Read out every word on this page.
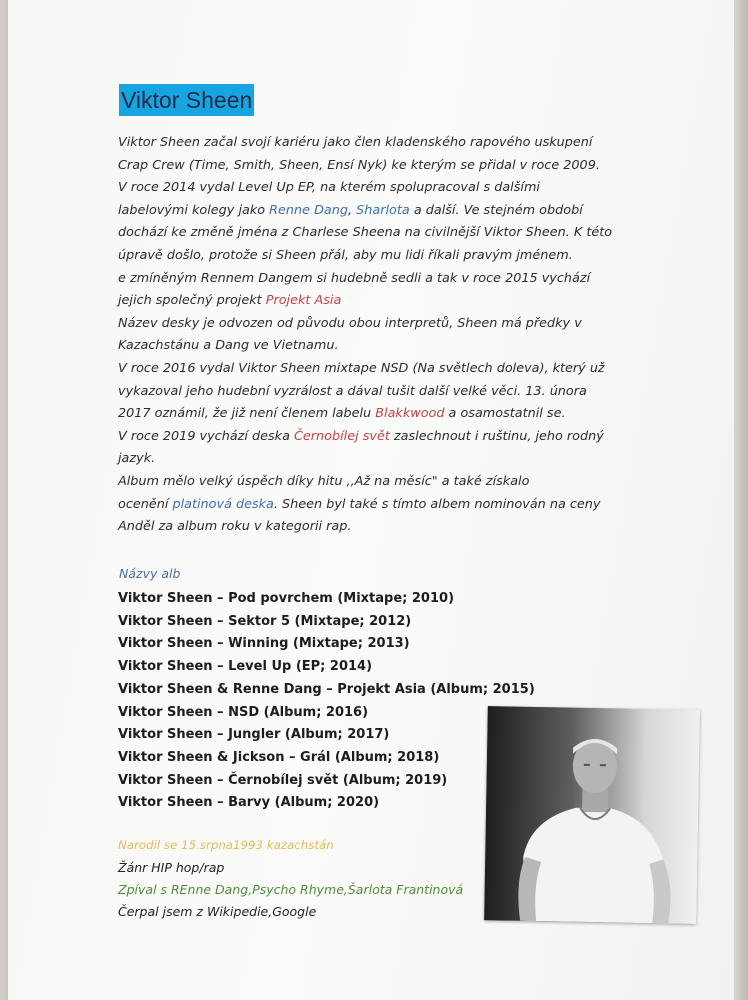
Viktor Sheen
Viktor Sheen začal svojí kariéru jako člen kladenského rapového uskupení
Crap Crew (Time, Smith, Sheen, Ensí Nyk) ke kterým se přidal v roce 2009.
V roce 2014 vydal Level Up EP, na kterém spolupracoval s dalšími
labelovými kolegy jako Renne Dang, Sharlota a další. Ve stejném období
dochází ke změně jména z Charlese Sheena na civilnější Viktor Sheen. K této
úpravě došlo, protože si Sheen přál, aby mu lidi říkali pravým jménem.
e zmíněným Rennem Dangem si hudebně sedli a tak v roce 2015 vychází
jejich společný projekt Projekt Asia
Název desky je odvozen od původu obou interpretů, Sheen má předky v
Kazachstánu a Dang ve Vietnamu.
V roce 2016 vydal Viktor Sheen mixtape NSD (Na světlech doleva), který už
vykazoval jeho hudební vyzrálost a dával tušit další velké věci. 13. února
2017 oznámil, že již není členem labelu Blakkwood a osamostatnil se.
V roce 2019 vychází deska Černobílej svět zaslechnout i ruštinu, jeho rodný
jazyk.
Album mělo velký úspěch díky hitu ,,Až na měsíc" a také získalo
ocenění platinová deska. Sheen byl také s tímto albem nominován na ceny
Anděl za album roku v kategorii rap.
Názvy alb
Viktor Sheen – Pod povrchem (Mixtape; 2010)
Viktor Sheen – Sektor 5 (Mixtape; 2012)
Viktor Sheen – Winning (Mixtape; 2013)
Viktor Sheen – Level Up (EP; 2014)
Viktor Sheen & Renne Dang – Projekt Asia (Album; 2015)
Viktor Sheen – NSD (Album; 2016)
Viktor Sheen – Jungler (Album; 2017)
Viktor Sheen & Jickson – Grál (Album; 2018)
Viktor Sheen – Černobílej svět (Album; 2019)
Viktor Sheen – Barvy (Album; 2020)
Narodil se 15.srpna1993 kazachstán
Žánr HIP hop/rap
Zpíval s REnne Dang,Psycho Rhyme,Šarlota Frantinová
Čerpal jsem z Wikipedie,Google
